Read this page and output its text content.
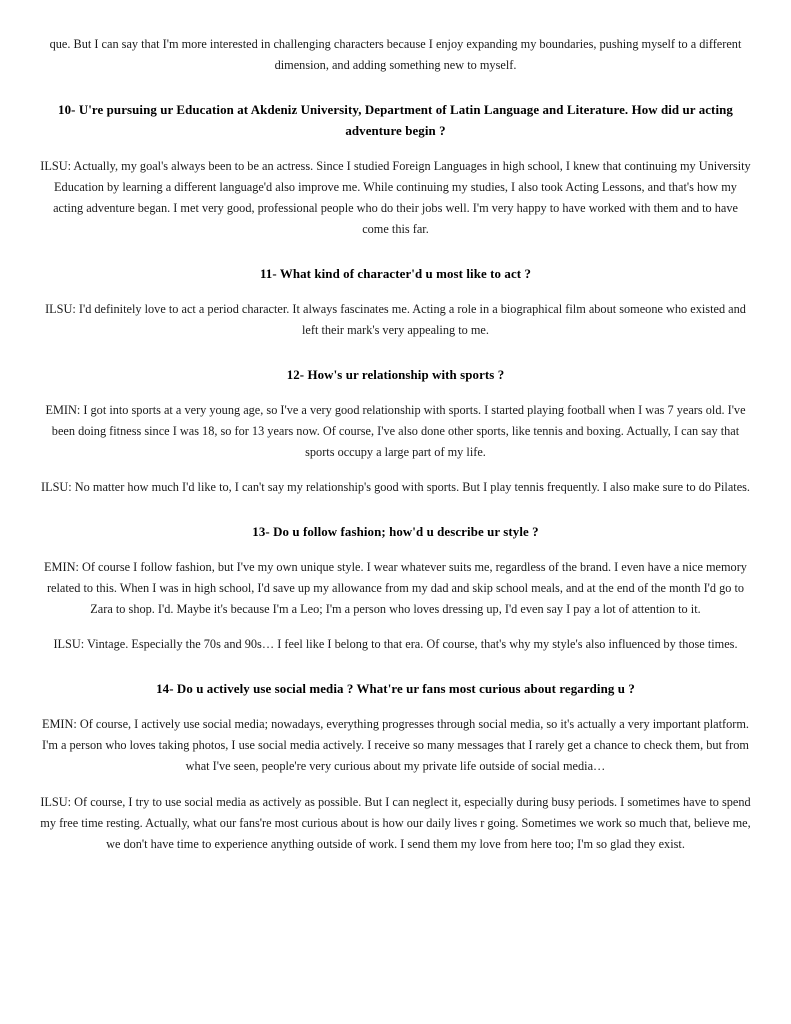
que. But I can say that I'm more interested in challenging characters because I enjoy expanding my boundaries, pushing myself to a different dimension, and adding something new to myself.

10- U're pursuing ur Education at Akdeniz University, Department of Latin Language and Literature. How did ur acting adventure begin ?

ILSU: Actually, my goal's always been to be an actress. Since I studied Foreign Languages in high school, I knew that continuing my University Education by learning a different language'd also improve me. While continuing my studies, I also took Acting Lessons, and that's how my acting adventure began. I met very good, professional people who do their jobs well. I'm very happy to have worked with them and to have come this far.

11- What kind of character'd u most like to act ?

ILSU: I'd definitely love to act a period character. It always fascinates me. Acting a role in a biographical film about someone who existed and left their mark's very appealing to me.

12- How's ur relationship with sports ?

EMIN: I got into sports at a very young age, so I've a very good relationship with sports. I started playing football when I was 7 years old. I've been doing fitness since I was 18, so for 13 years now. Of course, I've also done other sports, like tennis and boxing. Actually, I can say that sports occupy a large part of my life.

ILSU: No matter how much I'd like to, I can't say my relationship's good with sports. But I play tennis frequently. I also make sure to do Pilates.

13- Do u follow fashion; how'd u describe ur style ?

EMIN: Of course I follow fashion, but I've my own unique style. I wear whatever suits me, regardless of the brand. I even have a nice memory related to this. When I was in high school, I'd save up my allowance from my dad and skip school meals, and at the end of the month I'd go to Zara to shop. I'd. Maybe it's because I'm a Leo; I'm a person who loves dressing up, I'd even say I pay a lot of attention to it.

ILSU: Vintage. Especially the 70s and 90s… I feel like I belong to that era. Of course, that's why my style's also influenced by those times.

14- Do u actively use social media ? What're ur fans most curious about regarding u ?

EMIN: Of course, I actively use social media; nowadays, everything progresses through social media, so it's actually a very important platform. I'm a person who loves taking photos, I use social media actively. I receive so many messages that I rarely get a chance to check them, but from what I've seen, people're very curious about my private life outside of social media…

ILSU: Of course, I try to use social media as actively as possible. But I can neglect it, especially during busy periods. I sometimes have to spend my free time resting. Actually, what our fans're most curious about is how our daily lives r going. Sometimes we work so much that, believe me, we don't have time to experience anything outside of work. I send them my love from here too; I'm so glad they exist.
